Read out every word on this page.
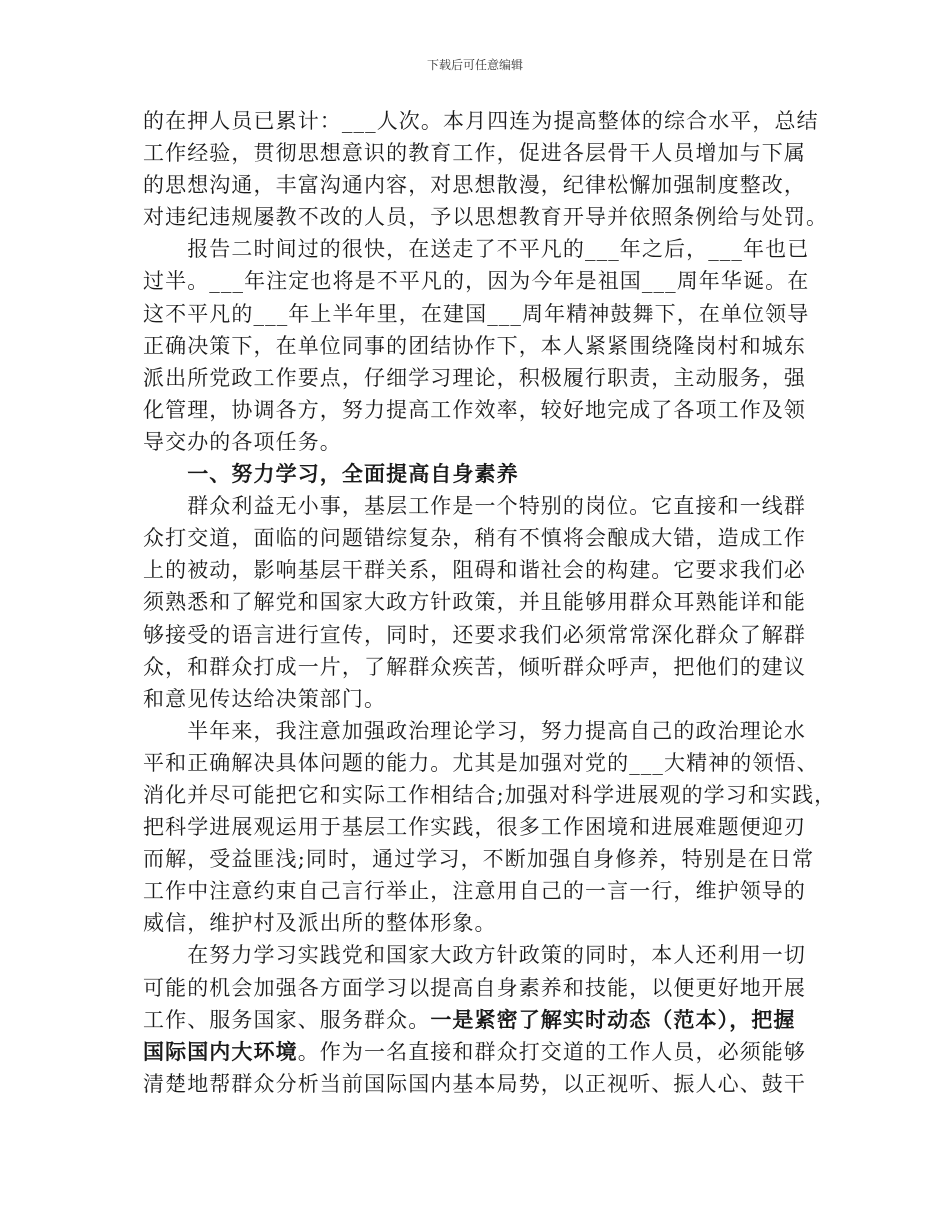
下载后可任意编辑
的在押人员已累计：___人次。本月四连为提高整体的综合水平，总结
工作经验，贯彻思想意识的教育工作，促进各层骨干人员增加与下属
的思想沟通，丰富沟通内容，对思想散漫，纪律松懈加强制度整改，
对违纪违规屡教不改的人员，予以思想教育开导并依照条例给与处罚。
　　报告二时间过的很快，在送走了不平凡的___年之后，___年也已
过半。___年注定也将是不平凡的，因为今年是祖国___周年华诞。在
这不平凡的___年上半年里，在建国___周年精神鼓舞下，在单位领导
正确决策下，在单位同事的团结协作下，本人紧紧围绕隆岗村和城东
派出所党政工作要点，仔细学习理论，积极履行职责，主动服务，强
化管理，协调各方，努力提高工作效率，较好地完成了各项工作及领
导交办的各项任务。
　　一、努力学习，全面提高自身素养
　　群众利益无小事，基层工作是一个特别的岗位。它直接和一线群
众打交道，面临的问题错综复杂，稍有不慎将会酿成大错，造成工作
上的被动，影响基层干群关系，阻碍和谐社会的构建。它要求我们必
须熟悉和了解党和国家大政方针政策，并且能够用群众耳熟能详和能
够接受的语言进行宣传，同时，还要求我们必须常常深化群众了解群
众，和群众打成一片，了解群众疾苦，倾听群众呼声，把他们的建议
和意见传达给决策部门。
　　半年来，我注意加强政治理论学习，努力提高自己的政治理论水
平和正确解决具体问题的能力。尤其是加强对党的___大精神的领悟、
消化并尽可能把它和实际工作相结合;加强对科学进展观的学习和实践，
把科学进展观运用于基层工作实践，很多工作困境和进展难题便迎刃
而解，受益匪浅;同时，通过学习，不断加强自身修养，特别是在日常
工作中注意约束自己言行举止，注意用自己的一言一行，维护领导的
威信，维护村及派出所的整体形象。
　　在努力学习实践党和国家大政方针政策的同时，本人还利用一切
可能的机会加强各方面学习以提高自身素养和技能，以便更好地开展
工作、服务国家、服务群众。一是紧密了解实时动态（范本），把握
国际国内大环境。作为一名直接和群众打交道的工作人员，必须能够
清楚地帮群众分析当前国际国内基本局势，以正视听、振人心、鼓干
